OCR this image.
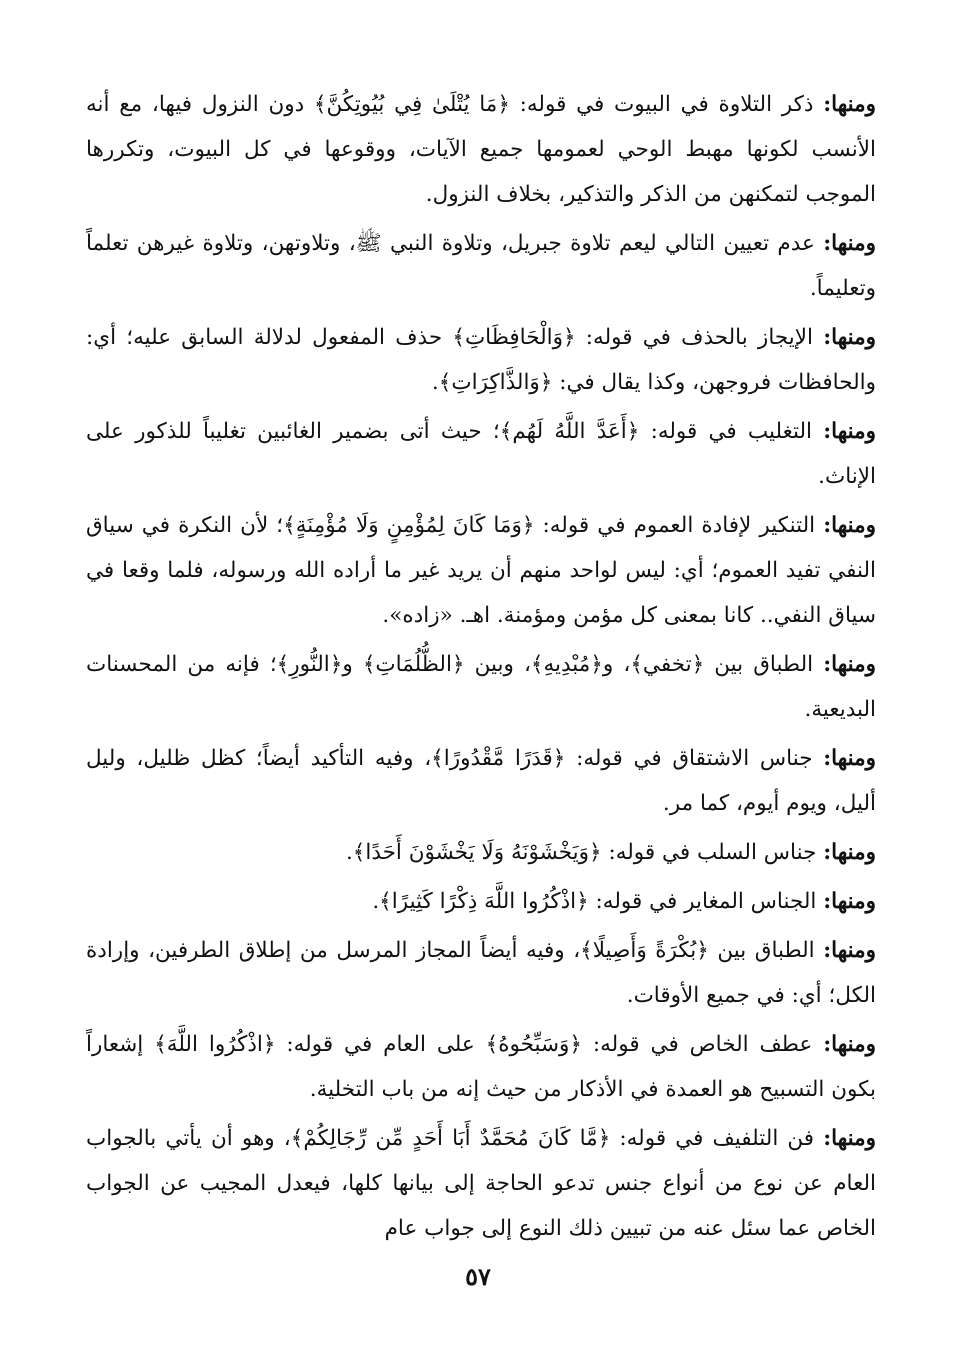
ومنها: ذكر التلاوة في البيوت في قوله: ﴿مَا يُتْلَىٰ فِي بُيُوتِكُنَّ﴾ دون النزول فيها، مع أنه الأنسب لكونها مهبط الوحي لعمومها جميع الآيات، ووقوعها في كل البيوت، وتكررها الموجب لتمكنهن من الذكر والتذكير، بخلاف النزول.

ومنها: عدم تعيين التالي ليعم تلاوة جبريل، وتلاوة النبي ﷺ، وتلاوتهن، وتلاوة غيرهن تعلماً وتعليماً.

ومنها: الإيجاز بالحذف في قوله: ﴿وَالْحَافِظَاتِ﴾ حذف المفعول لدلالة السابق عليه؛ أي: والحافظات فروجهن، وكذا يقال في: ﴿وَالذَّاكِرَاتِ﴾.

ومنها: التغليب في قوله: ﴿أَعَدَّ اللَّهُ لَهُم﴾؛ حيث أتى بضمير الغائبين تغليباً للذكور على الإناث.

ومنها: التنكير لإفادة العموم في قوله: ﴿وَمَا كَانَ لِمُؤْمِنٍ وَلَا مُؤْمِنَةٍ﴾؛ لأن النكرة في سياق النفي تفيد العموم؛ أي: ليس لواحد منهم أن يريد غير ما أراده الله ورسوله، فلما وقعا في سياق النفي.. كانا بمعنى كل مؤمن ومؤمنة. اهـ. «زاده».

ومنها: الطباق بين ﴿تخفي﴾، و﴿مُبْدِيهِ﴾، وبين ﴿الظُّلُمَاتِ﴾ و﴿النُّورِ﴾؛ فإنه من المحسنات البديعية.

ومنها: جناس الاشتقاق في قوله: ﴿قَدَرًا مَّقْدُورًا﴾، وفيه التأكيد أيضاً؛ كظل ظليل، وليل أليل، ويوم أيوم، كما مر.

ومنها: جناس السلب في قوله: ﴿وَيَخْشَوْنَهُ وَلَا يَخْشَوْنَ أَحَدًا﴾.

ومنها: الجناس المغاير في قوله: ﴿اذْكُرُوا اللَّهَ ذِكْرًا كَثِيرًا﴾.

ومنها: الطباق بين ﴿بُكْرَةً وَأَصِيلًا﴾، وفيه أيضاً المجاز المرسل من إطلاق الطرفين، وإرادة الكل؛ أي: في جميع الأوقات.

ومنها: عطف الخاص في قوله: ﴿وَسَبِّحُوهُ﴾ على العام في قوله: ﴿اذْكُرُوا اللَّهَ﴾ إشعاراً بكون التسبيح هو العمدة في الأذكار من حيث إنه من باب التخلية.

ومنها: فن التلفيف في قوله: ﴿مَّا كَانَ مُحَمَّدٌ أَبَا أَحَدٍ مِّن رِّجَالِكُمْ﴾، وهو أن يأتي بالجواب العام عن نوع من أنواع جنس تدعو الحاجة إلى بيانها كلها، فيعدل المجيب عن الجواب الخاص عما سئل عنه من تبيين ذلك النوع إلى جواب عام

٥٧
